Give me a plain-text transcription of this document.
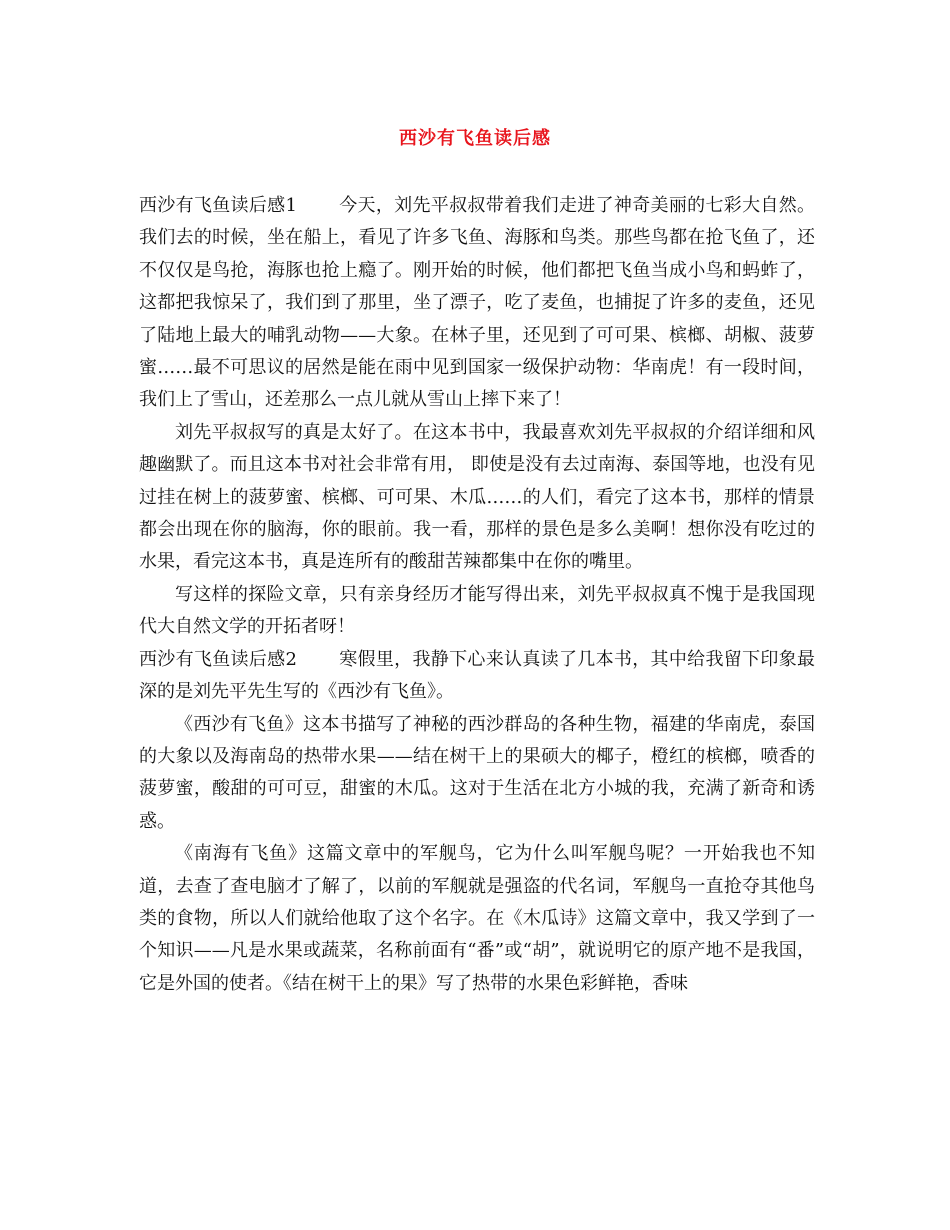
西沙有飞鱼读后感

西沙有飞鱼读后感1 今天，刘先平叔叔带着我们走进了神奇美丽的七彩大自然。 我们去的时候，坐在船上，看见了许多飞鱼、海豚和鸟类。那些鸟都在抢飞鱼了，还不仅仅是鸟抢，海豚也抢上瘾了。刚开始的时候，他们都把飞鱼当成小鸟和蚂蚱了，这都把我惊呆了，我们到了那里，坐了漂子，吃了麦鱼，也捕捉了许多的麦鱼，还见了陆地上最大的哺乳动物——大象。在林子里，还见到了可可果、槟榔、胡椒、菠萝蜜……最不可思议的居然是能在雨中见到国家一级保护动物：华南虎！有一段时间，我们上了雪山，还差那么一点儿就从雪山上摔下来了！

刘先平叔叔写的真是太好了。在这本书中，我最喜欢刘先平叔叔的介绍详细和风趣幽默了。而且这本书对社会非常有用， 即使是没有去过南海、泰国等地，也没有见过挂在树上的菠萝蜜、槟榔、可可果、木瓜……的人们，看完了这本书，那样的情景都会出现在你的脑海，你的眼前。我一看，那样的景色是多么美啊！想你没有吃过的水果，看完这本书，真是连所有的酸甜苦辣都集中在你的嘴里。

写这样的探险文章，只有亲身经历才能写得出来，刘先平叔叔真不愧于是我国现代大自然文学的开拓者呀！

西沙有飞鱼读后感2 寒假里，我静下心来认真读了几本书，其中给我留下印象最深的是刘先平先生写的《西沙有飞鱼》。

《西沙有飞鱼》这本书描写了神秘的西沙群岛的各种生物，福建的华南虎，泰国的大象以及海南岛的热带水果——结在树干上的果硕大的椰子，橙红的槟榔，喷香的菠萝蜜，酸甜的可可豆，甜蜜的木瓜。这对于生活在北方小城的我，充满了新奇和诱惑。

《南海有飞鱼》这篇文章中的军舰鸟，它为什么叫军舰鸟呢？一开始我也不知道，去查了查电脑才了解了，以前的军舰就是强盗的代名词，军舰鸟一直抢夺其他鸟类的食物，所以人们就给他取了这个名字。在《木瓜诗》这篇文章中，我又学到了一个知识——凡是水果或蔬菜，名称前面有“番”或“胡”，就说明它的原产地不是我国，它是外国的使者。《结在树干上的果》写了热带的水果色彩鲜艳，香味
